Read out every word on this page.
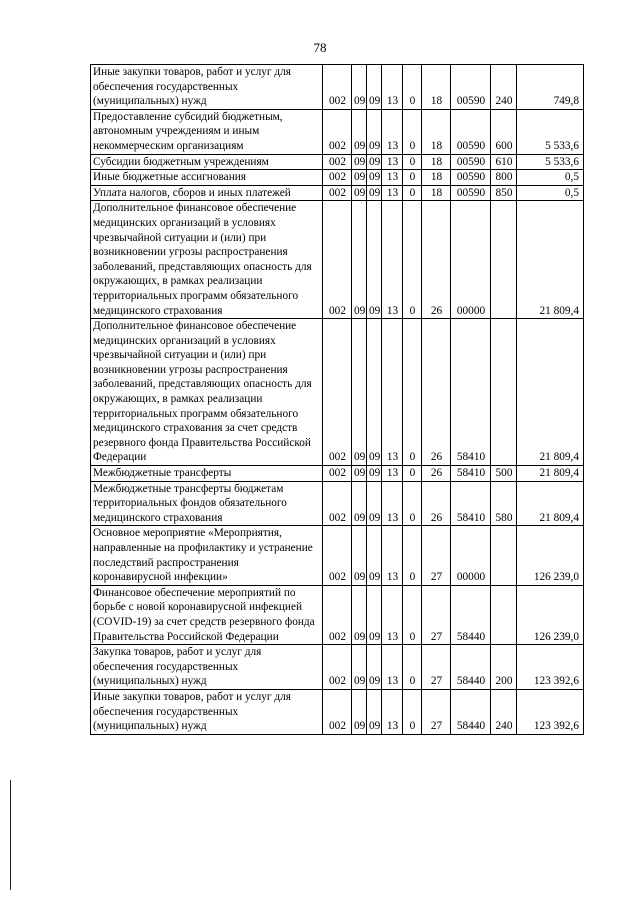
78
Иные закупки товаров, работ и услуг для обеспечения государственных (муниципальных) нужд	002	09	09	13	0	18	00590	240	749,8
Предоставление субсидий бюджетным, автономным учреждениям и иным некоммерческим организациям	002	09	09	13	0	18	00590	600	5 533,6
Субсидии бюджетным учреждениям	002	09	09	13	0	18	00590	610	5 533,6
Иные бюджетные ассигнования	002	09	09	13	0	18	00590	800	0,5
Уплата налогов, сборов и иных платежей	002	09	09	13	0	18	00590	850	0,5
Дополнительное финансовое обеспечение медицинских организаций в условиях чрезвычайной ситуации и (или) при возникновении угрозы распространения заболеваний, представляющих опасность для окружающих, в рамках реализации территориальных программ обязательного медицинского страхования	002	09	09	13	0	26	00000		21 809,4
Дополнительное финансовое обеспечение медицинских организаций в условиях чрезвычайной ситуации и (или) при возникновении угрозы распространения заболеваний, представляющих опасность для окружающих, в рамках реализации территориальных программ обязательного медицинского страхования за счет средств резервного фонда Правительства Российской Федерации	002	09	09	13	0	26	58410		21 809,4
Межбюджетные трансферты	002	09	09	13	0	26	58410	500	21 809,4
Межбюджетные трансферты бюджетам территориальных фондов обязательного медицинского страхования	002	09	09	13	0	26	58410	580	21 809,4
Основное мероприятие «Мероприятия, направленные на профилактику и устранение последствий распространения коронавирусной инфекции»	002	09	09	13	0	27	00000		126 239,0
Финансовое обеспечение мероприятий по борьбе с новой коронавирусной инфекцией (COVID-19) за счет средств резервного фонда Правительства Российской Федерации	002	09	09	13	0	27	58440		126 239,0
Закупка товаров, работ и услуг для обеспечения государственных (муниципальных) нужд	002	09	09	13	0	27	58440	200	123 392,6
Иные закупки товаров, работ и услуг для обеспечения государственных (муниципальных) нужд	002	09	09	13	0	27	58440	240	123 392,6
